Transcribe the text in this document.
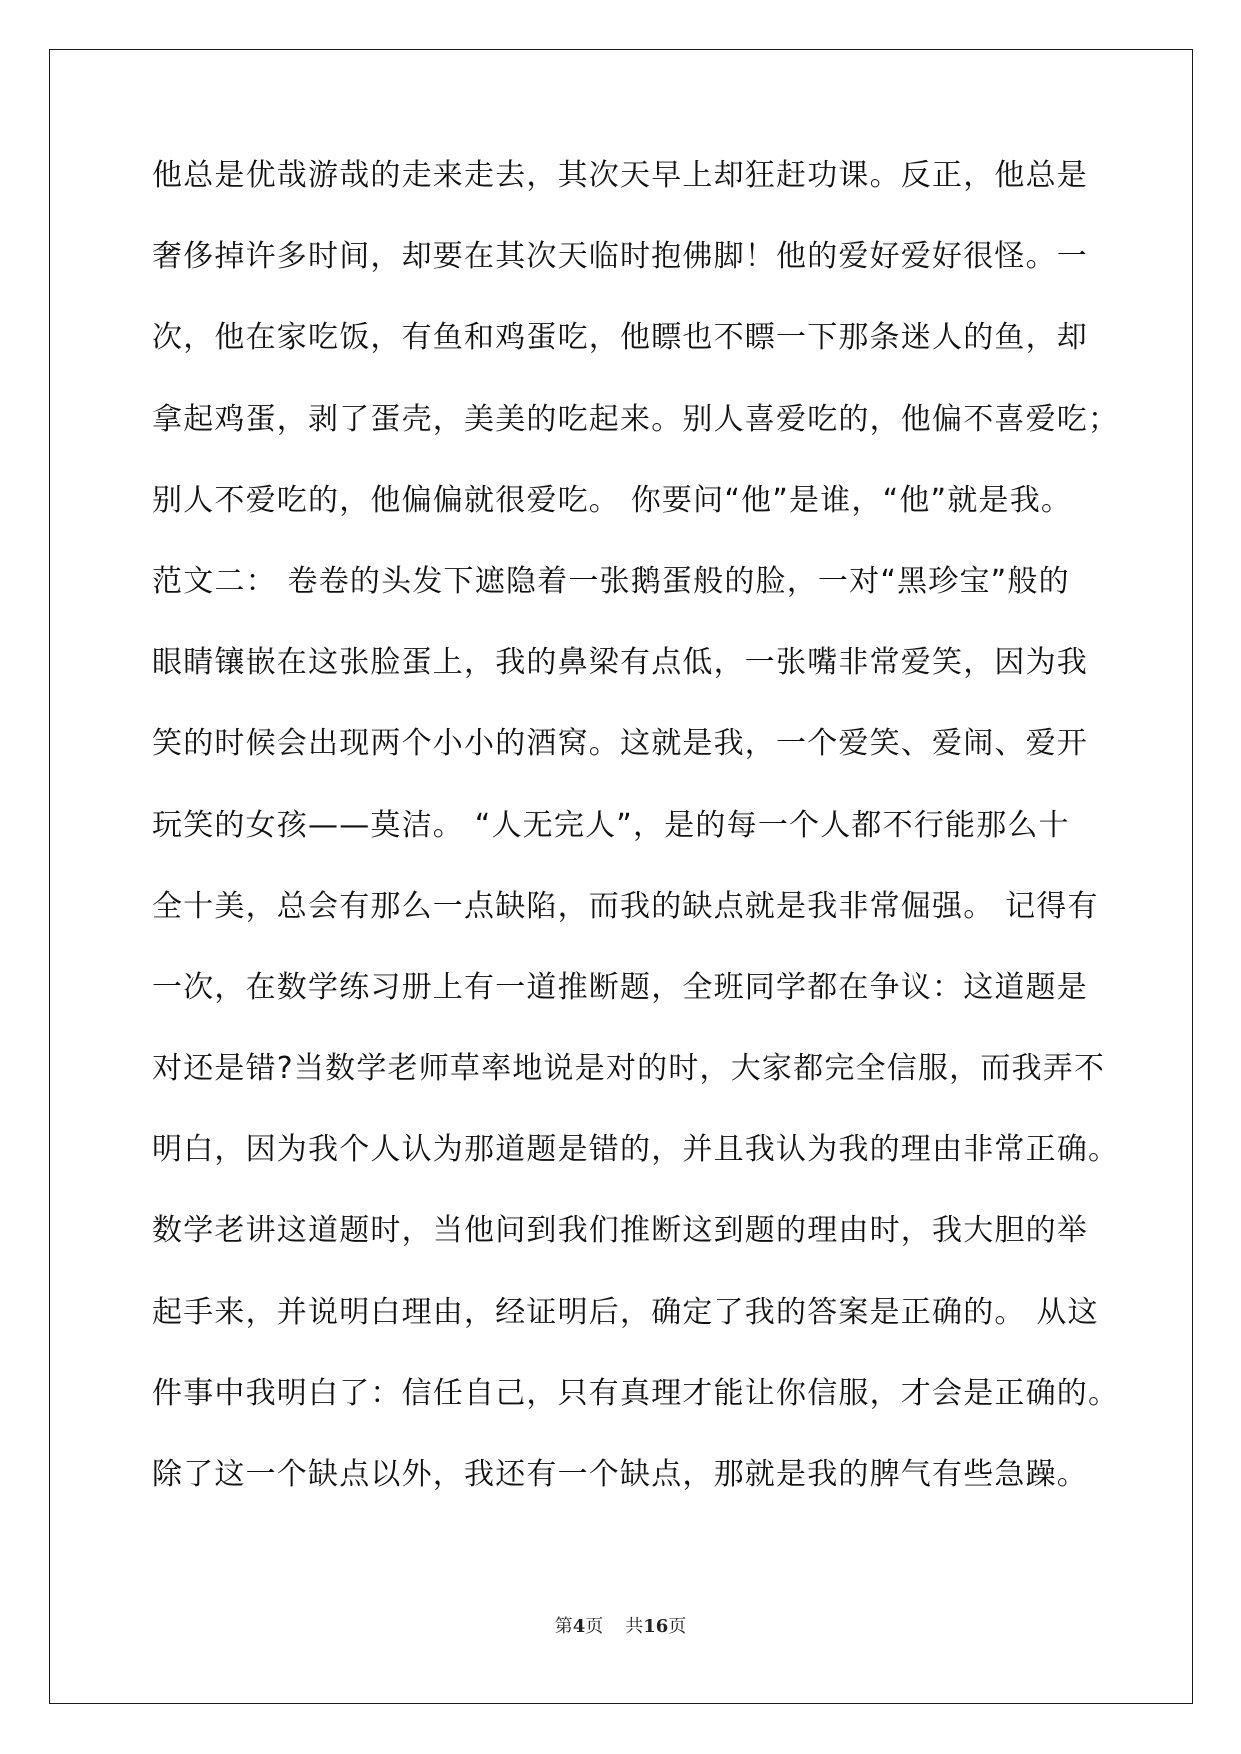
他总是优哉游哉的走来走去，其次天早上却狂赶功课。反正，他总是
奢侈掉许多时间，却要在其次天临时抱佛脚！他的爱好爱好很怪。一
次，他在家吃饭，有鱼和鸡蛋吃，他瞟也不瞟一下那条迷人的鱼，却
拿起鸡蛋，剥了蛋壳，美美的吃起来。别人喜爱吃的，他偏不喜爱吃；
别人不爱吃的，他偏偏就很爱吃。 你要问“他”是谁，“他”就是我。
范文二： 卷卷的头发下遮隐着一张鹅蛋般的脸，一对“黑珍宝”般的
眼睛镶嵌在这张脸蛋上，我的鼻梁有点低，一张嘴非常爱笑，因为我
笑的时候会出现两个小小的酒窝。这就是我，一个爱笑、爱闹、爱开
玩笑的女孩——莫洁。 “人无完人”，是的每一个人都不行能那么十
全十美，总会有那么一点缺陷，而我的缺点就是我非常倔强。 记得有
一次，在数学练习册上有一道推断题，全班同学都在争议：这道题是
对还是错?当数学老师草率地说是对的时，大家都完全信服，而我弄不
明白，因为我个人认为那道题是错的，并且我认为我的理由非常正确。
数学老讲这道题时，当他问到我们推断这到题的理由时，我大胆的举
起手来，并说明白理由，经证明后，确定了我的答案是正确的。 从这
件事中我明白了：信任自己，只有真理才能让你信服，才会是正确的。
除了这一个缺点以外，我还有一个缺点，那就是我的脾气有些急躁。
第4页 共16页
